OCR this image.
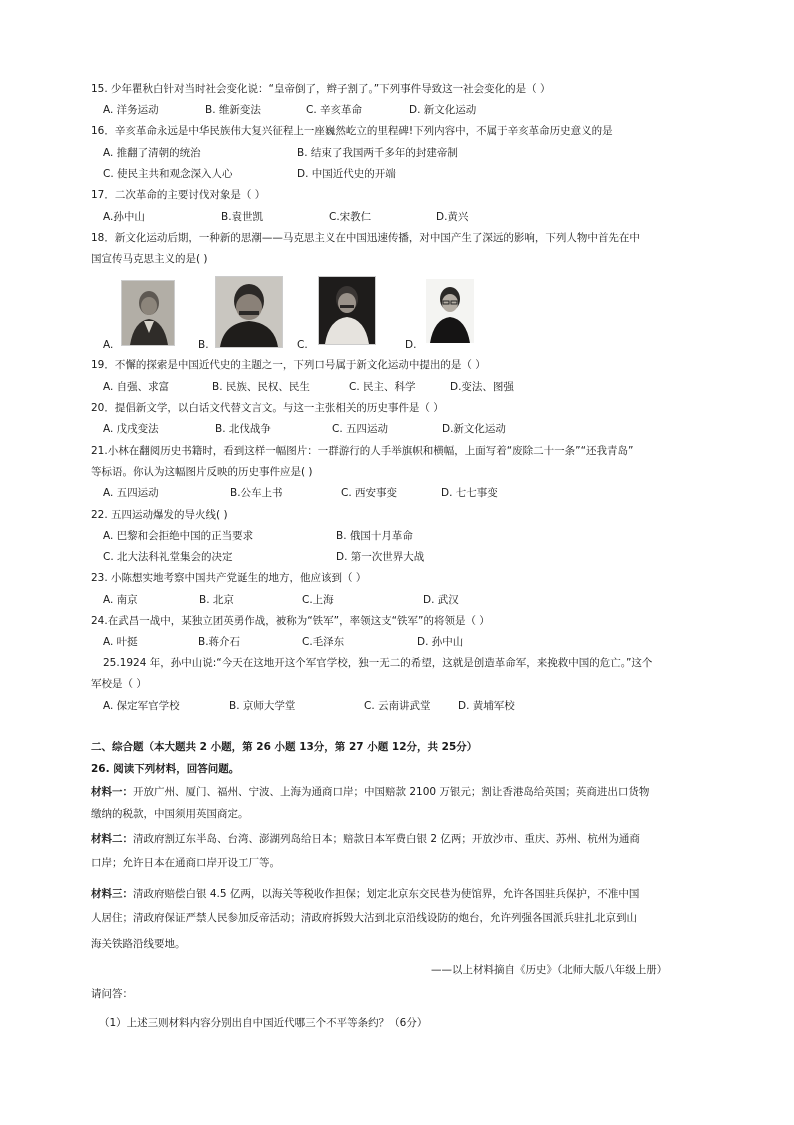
15. 少年瞿秋白针对当时社会变化说：“皇帝倒了，辫子割了。”下列事件导致这一社会变化的是（ ）
A. 洋务运动	B. 维新变法	C. 辛亥革命	D. 新文化运动
16．辛亥革命永远是中华民族伟大复兴征程上一座巍然屹立的里程碑!下列内容中，不属于辛亥革命历史意义的是
A. 推翻了清朝的统治	B. 结束了我国两千多年的封建帝制
C. 使民主共和观念深入人心	D. 中国近代史的开端
17．二次革命的主要讨伐对象是（ ）
A.孙中山	B.袁世凯	C.宋教仁	D.黄兴
18．新文化运动后期，一种新的思潮——马克思主义在中国迅速传播，对中国产生了深远的影响，下列人物中首先在中
国宣传马克思主义的是( )
A.	B.	C.	D.
19．不懈的探索是中国近代史的主题之一，下列口号属于新文化运动中提出的是（ ）
A. 自强、求富	B. 民族、民权、民生	C. 民主、科学	D.变法、图强
20．提倡新文学，以白话文代替文言文。与这一主张相关的历史事件是（ ）
A. 戊戌变法	B. 北伐战争	C. 五四运动	D.新文化运动
21.小林在翻阅历史书籍时，看到这样一幅图片：一群游行的人手举旗帜和横幅，上面写着“废除二十一条”“还我青岛”
等标语。你认为这幅图片反映的历史事件应是( )
A. 五四运动	B.公车上书	C. 西安事变	D. 七七事变
22. 五四运动爆发的导火线( )
A. 巴黎和会拒绝中国的正当要求	B. 俄国十月革命
C. 北大法科礼堂集会的决定	D. 第一次世界大战
23. 小陈想实地考察中国共产党诞生的地方，他应该到（ ）
A. 南京	B. 北京	C.上海	D. 武汉
24.在武昌一战中，某独立团英勇作战，被称为“铁军”，率领这支“铁军”的将领是（ ）
A. 叶挺	B.蒋介石	C.毛泽东	D. 孙中山
25.1924 年，孙中山说:“今天在这地开这个军官学校，独一无二的希望，这就是创造革命军，来挽救中国的危亡。”这个
军校是（ ）
A. 保定军官学校	B. 京师大学堂	C. 云南讲武堂	D. 黄埔军校
二、综合题（本大题共 2 小题，第 26 小题 13分，第 27 小题 12分，共 25分）
26. 阅读下列材料，回答问题。
材料一： 开放广州、厦门、福州、宁波、上海为通商口岸；中国赔款 2100 万银元；割让香港岛给英国；英商进出口货物
缴纳的税款，中国须用英国商定。
材料二： 清政府割辽东半岛、台湾、澎湖列岛给日本；赔款日本军费白银 2 亿两；开放沙市、重庆、苏州、杭州为通商
口岸；允许日本在通商口岸开设工厂等。
材料三： 清政府赔偿白银 4.5 亿两，以海关等税收作担保；划定北京东交民巷为使馆界，允许各国驻兵保护，不准中国
人居住；清政府保证严禁人民参加反帝活动；清政府拆毁大沽到北京沿线设防的炮台，允许列强各国派兵驻扎北京到山
海关铁路沿线要地。
——以上材料摘自《历史》（北师大版八年级上册）
请问答：
（1）上述三则材料内容分别出自中国近代哪三个不平等条约？（6分）
